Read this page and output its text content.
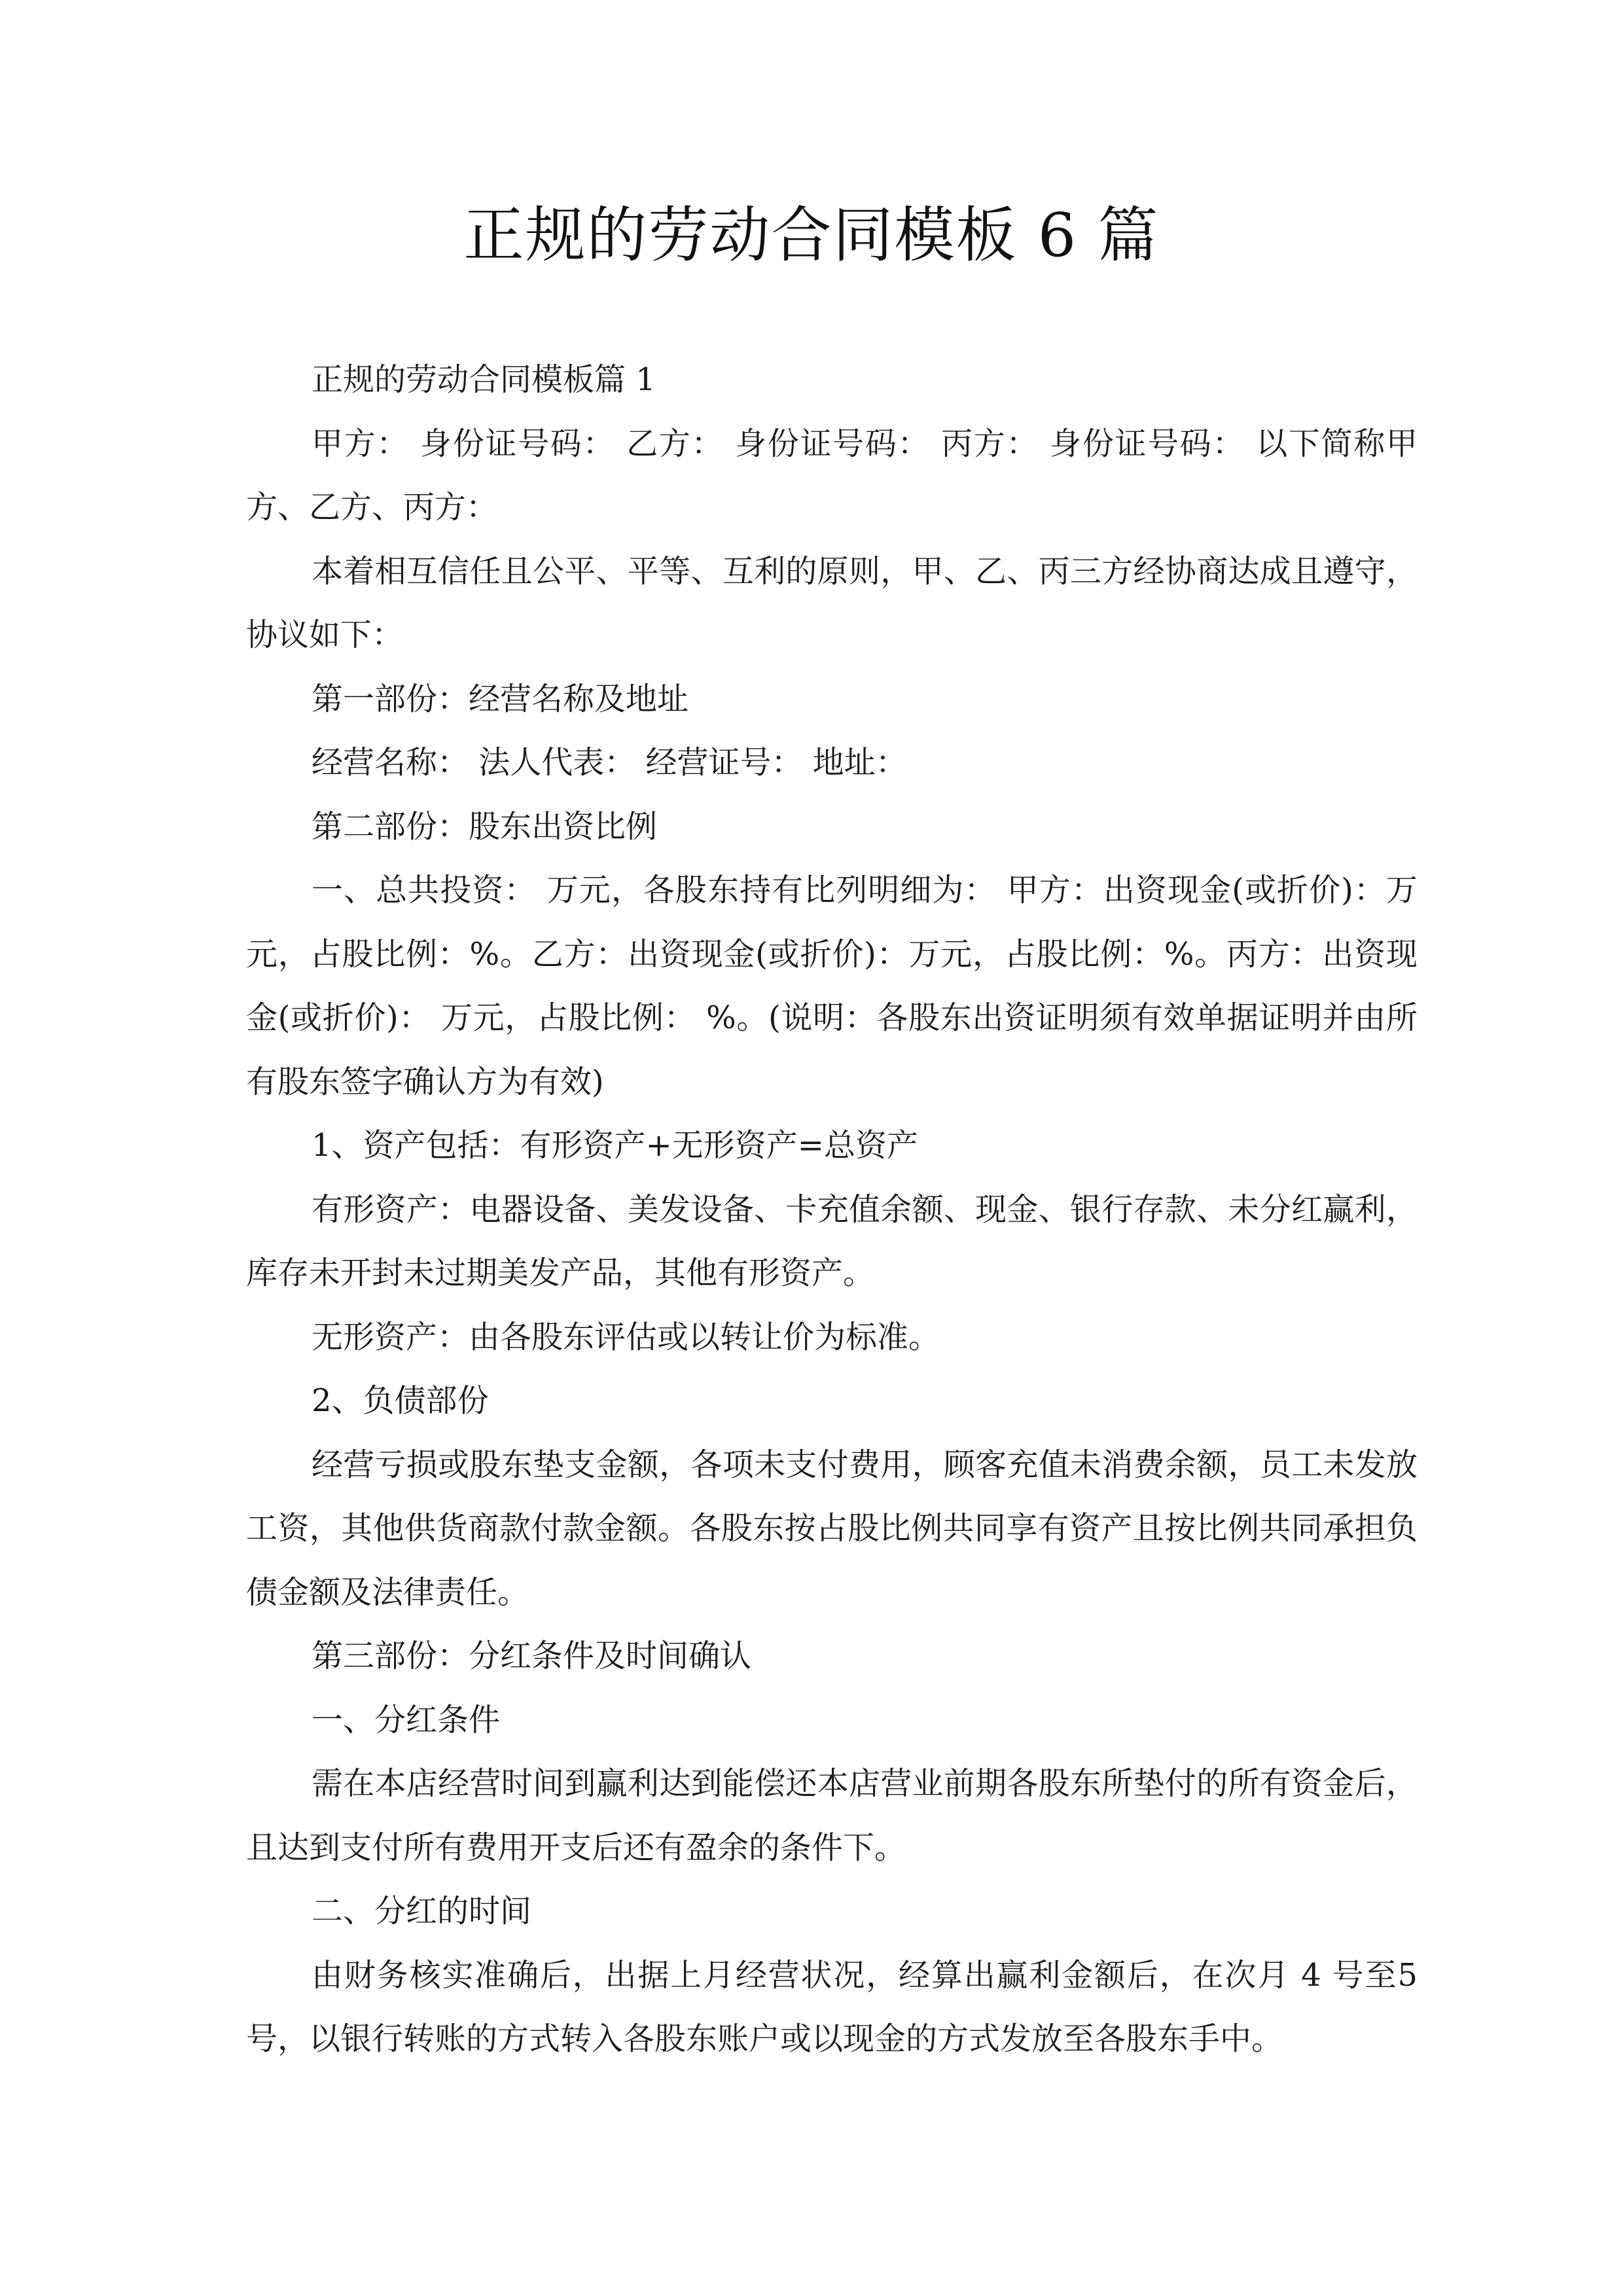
正规的劳动合同模板 6 篇

正规的劳动合同模板篇 1

甲方： 身份证号码： 乙方： 身份证号码： 丙方： 身份证号码： 以下简称甲方、乙方、丙方：

本着相互信任且公平、平等、互利的原则，甲、乙、丙三方经协商达成且遵守，协议如下：

第一部份：经营名称及地址

经营名称： 法人代表： 经营证号： 地址：

第二部份：股东出资比例

一、总共投资： 万元，各股东持有比列明细为： 甲方：出资现金(或折价)：万元，占股比例：%。乙方：出资现金(或折价)：万元，占股比例：%。丙方：出资现金(或折价)： 万元，占股比例： %。(说明：各股东出资证明须有效单据证明并由所有股东签字确认方为有效)

1、资产包括：有形资产+无形资产=总资产

有形资产：电器设备、美发设备、卡充值余额、现金、银行存款、未分红赢利，库存未开封未过期美发产品，其他有形资产。

无形资产：由各股东评估或以转让价为标准。

2、负债部份

经营亏损或股东垫支金额，各项未支付费用，顾客充值未消费余额，员工未发放工资，其他供货商款付款金额。各股东按占股比例共同享有资产且按比例共同承担负债金额及法律责任。

第三部份：分红条件及时间确认

一、分红条件

需在本店经营时间到赢利达到能偿还本店营业前期各股东所垫付的所有资金后，且达到支付所有费用开支后还有盈余的条件下。

二、分红的时间

由财务核实准确后，出据上月经营状况，经算出赢利金额后，在次月 4 号至5 号，以银行转账的方式转入各股东账户或以现金的方式发放至各股东手中。
